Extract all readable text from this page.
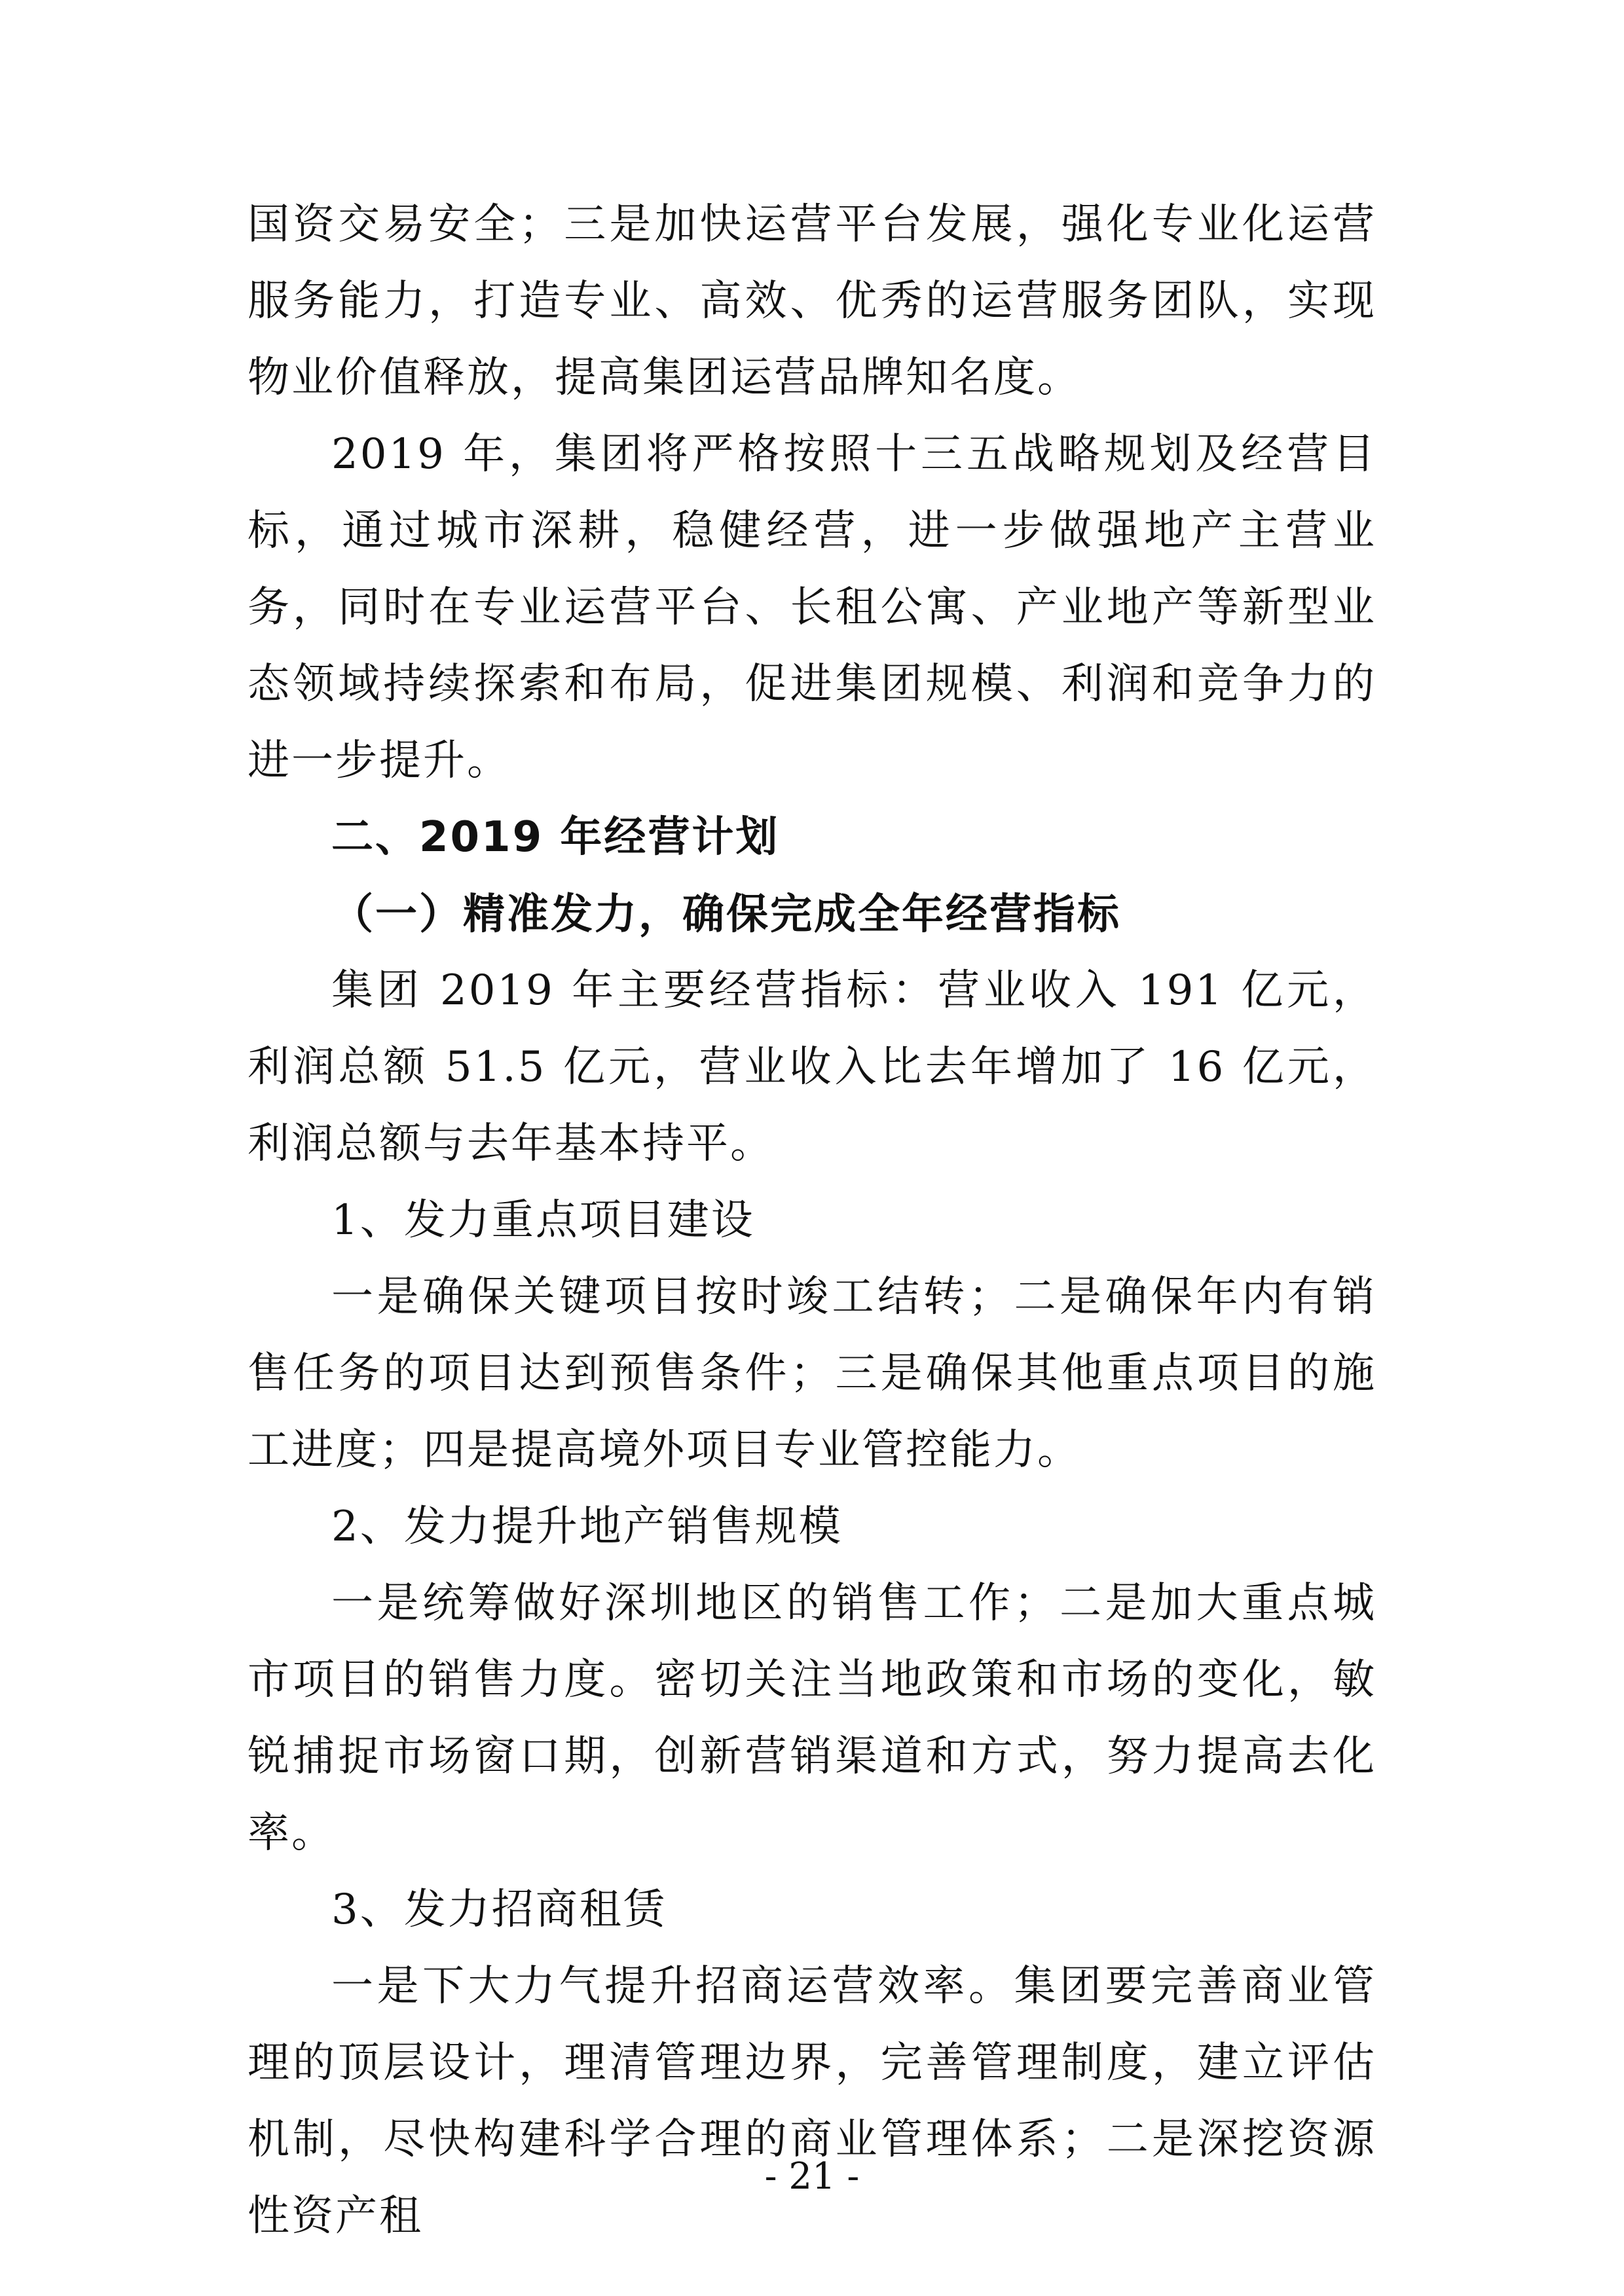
国资交易安全；三是加快运营平台发展，强化专业化运营服务能力，打造专业、高效、优秀的运营服务团队，实现物业价值释放，提高集团运营品牌知名度。

2019 年，集团将严格按照十三五战略规划及经营目标，通过城市深耕，稳健经营，进一步做强地产主营业务，同时在专业运营平台、长租公寓、产业地产等新型业态领域持续探索和布局，促进集团规模、利润和竞争力的进一步提升。

二、2019 年经营计划

（一）精准发力，确保完成全年经营指标

集团 2019 年主要经营指标：营业收入 191 亿元，利润总额 51.5 亿元，营业收入比去年增加了 16 亿元，利润总额与去年基本持平。

1、发力重点项目建设

一是确保关键项目按时竣工结转；二是确保年内有销售任务的项目达到预售条件；三是确保其他重点项目的施工进度；四是提高境外项目专业管控能力。

2、发力提升地产销售规模

一是统筹做好深圳地区的销售工作；二是加大重点城市项目的销售力度。密切关注当地政策和市场的变化，敏锐捕捉市场窗口期，创新营销渠道和方式，努力提高去化率。

3、发力招商租赁

一是下大力气提升招商运营效率。集团要完善商业管理的顶层设计，理清管理边界，完善管理制度，建立评估机制，尽快构建科学合理的商业管理体系；二是深挖资源性资产租

- 21 -
